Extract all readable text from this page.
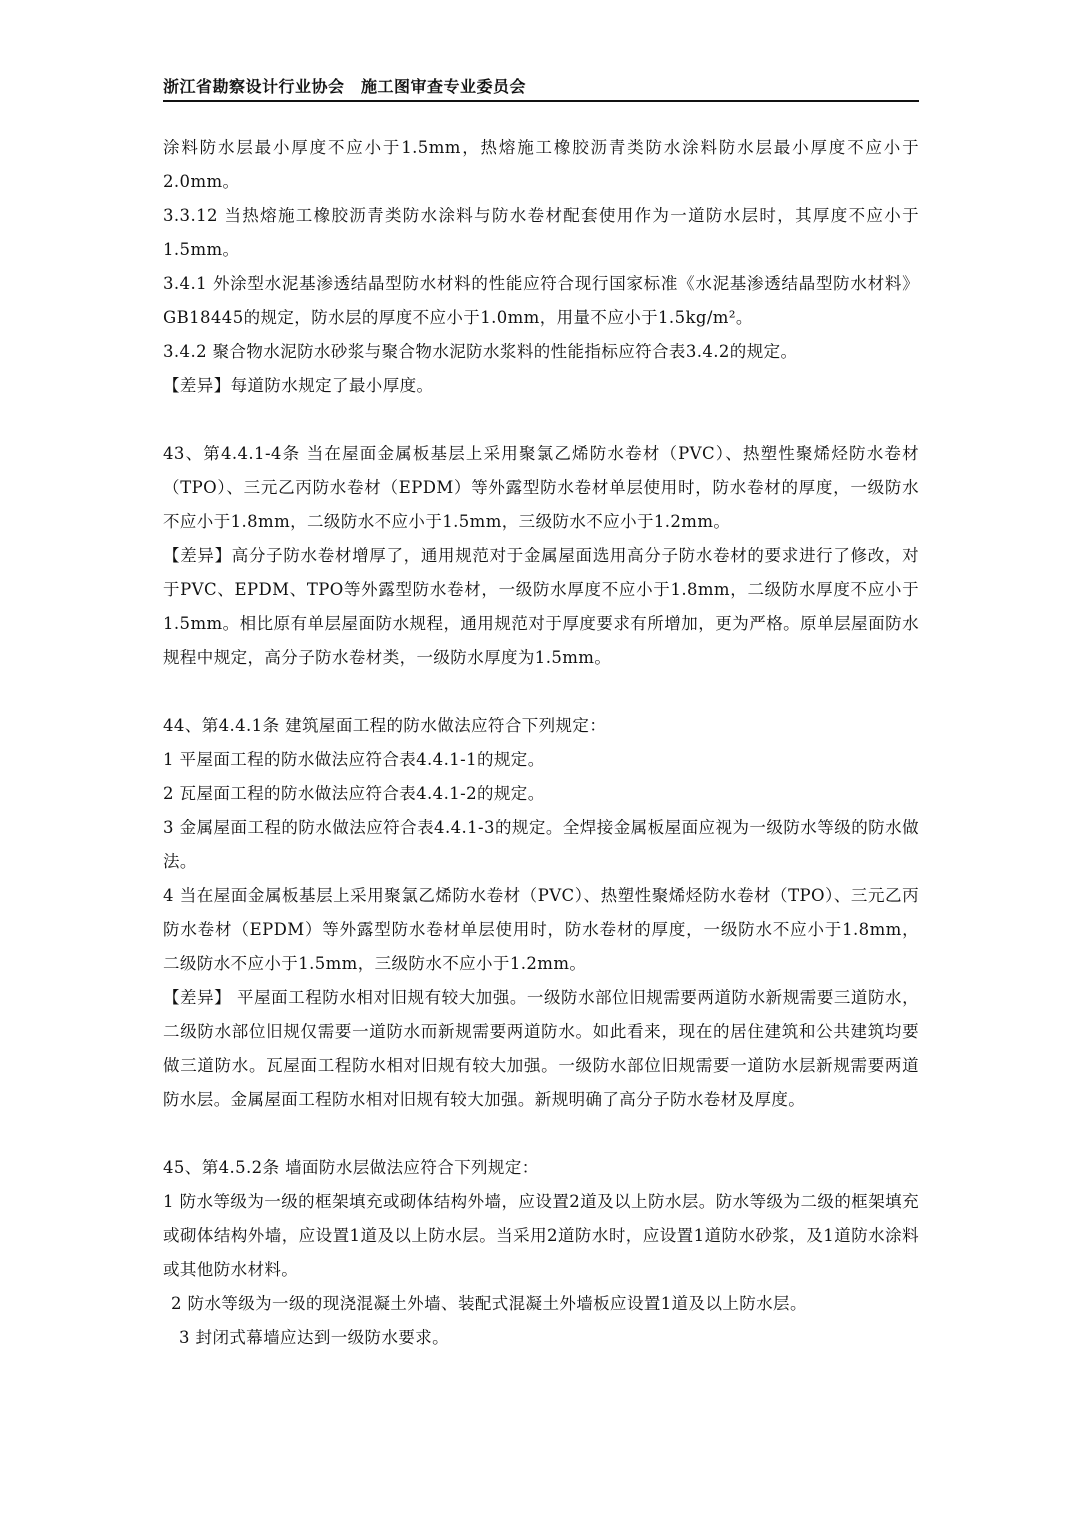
浙江省勘察设计行业协会　施工图审查专业委员会

涂料防水层最小厚度不应小于1.5mm，热熔施工橡胶沥青类防水涂料防水层最小厚度不应小于2.0mm。

3.3.12 当热熔施工橡胶沥青类防水涂料与防水卷材配套使用作为一道防水层时，其厚度不应小于1.5mm。

3.4.1 外涂型水泥基渗透结晶型防水材料的性能应符合现行国家标准《水泥基渗透结晶型防水材料》GB18445的规定，防水层的厚度不应小于1.0mm，用量不应小于1.5kg/m²。

3.4.2 聚合物水泥防水砂浆与聚合物水泥防水浆料的性能指标应符合表3.4.2的规定。

【差异】每道防水规定了最小厚度。

43、第4.4.1-4条 当在屋面金属板基层上采用聚氯乙烯防水卷材（PVC）、热塑性聚烯烃防水卷材（TPO）、三元乙丙防水卷材（EPDM）等外露型防水卷材单层使用时，防水卷材的厚度，一级防水不应小于1.8mm，二级防水不应小于1.5mm，三级防水不应小于1.2mm。

【差异】高分子防水卷材增厚了，通用规范对于金属屋面选用高分子防水卷材的要求进行了修改，对于PVC、EPDM、TPO等外露型防水卷材，一级防水厚度不应小于1.8mm，二级防水厚度不应小于1.5mm。相比原有单层屋面防水规程，通用规范对于厚度要求有所增加，更为严格。原单层屋面防水规程中规定，高分子防水卷材类，一级防水厚度为1.5mm。

44、第4.4.1条 建筑屋面工程的防水做法应符合下列规定：

1 平屋面工程的防水做法应符合表4.4.1-1的规定。

2 瓦屋面工程的防水做法应符合表4.4.1-2的规定。

3 金属屋面工程的防水做法应符合表4.4.1-3的规定。全焊接金属板屋面应视为一级防水等级的防水做法。

4 当在屋面金属板基层上采用聚氯乙烯防水卷材（PVC）、热塑性聚烯烃防水卷材（TPO）、三元乙丙防水卷材（EPDM）等外露型防水卷材单层使用时，防水卷材的厚度，一级防水不应小于1.8mm，二级防水不应小于1.5mm，三级防水不应小于1.2mm。

【差异】 平屋面工程防水相对旧规有较大加强。一级防水部位旧规需要两道防水新规需要三道防水，二级防水部位旧规仅需要一道防水而新规需要两道防水。如此看来，现在的居住建筑和公共建筑均要做三道防水。瓦屋面工程防水相对旧规有较大加强。一级防水部位旧规需要一道防水层新规需要两道防水层。金属屋面工程防水相对旧规有较大加强。新规明确了高分子防水卷材及厚度。

45、第4.5.2条 墙面防水层做法应符合下列规定：

1 防水等级为一级的框架填充或砌体结构外墙，应设置2道及以上防水层。防水等级为二级的框架填充或砌体结构外墙，应设置1道及以上防水层。当采用2道防水时，应设置1道防水砂浆，及1道防水涂料或其他防水材料。

2 防水等级为一级的现浇混凝土外墙、装配式混凝土外墙板应设置1道及以上防水层。

3 封闭式幕墙应达到一级防水要求。
